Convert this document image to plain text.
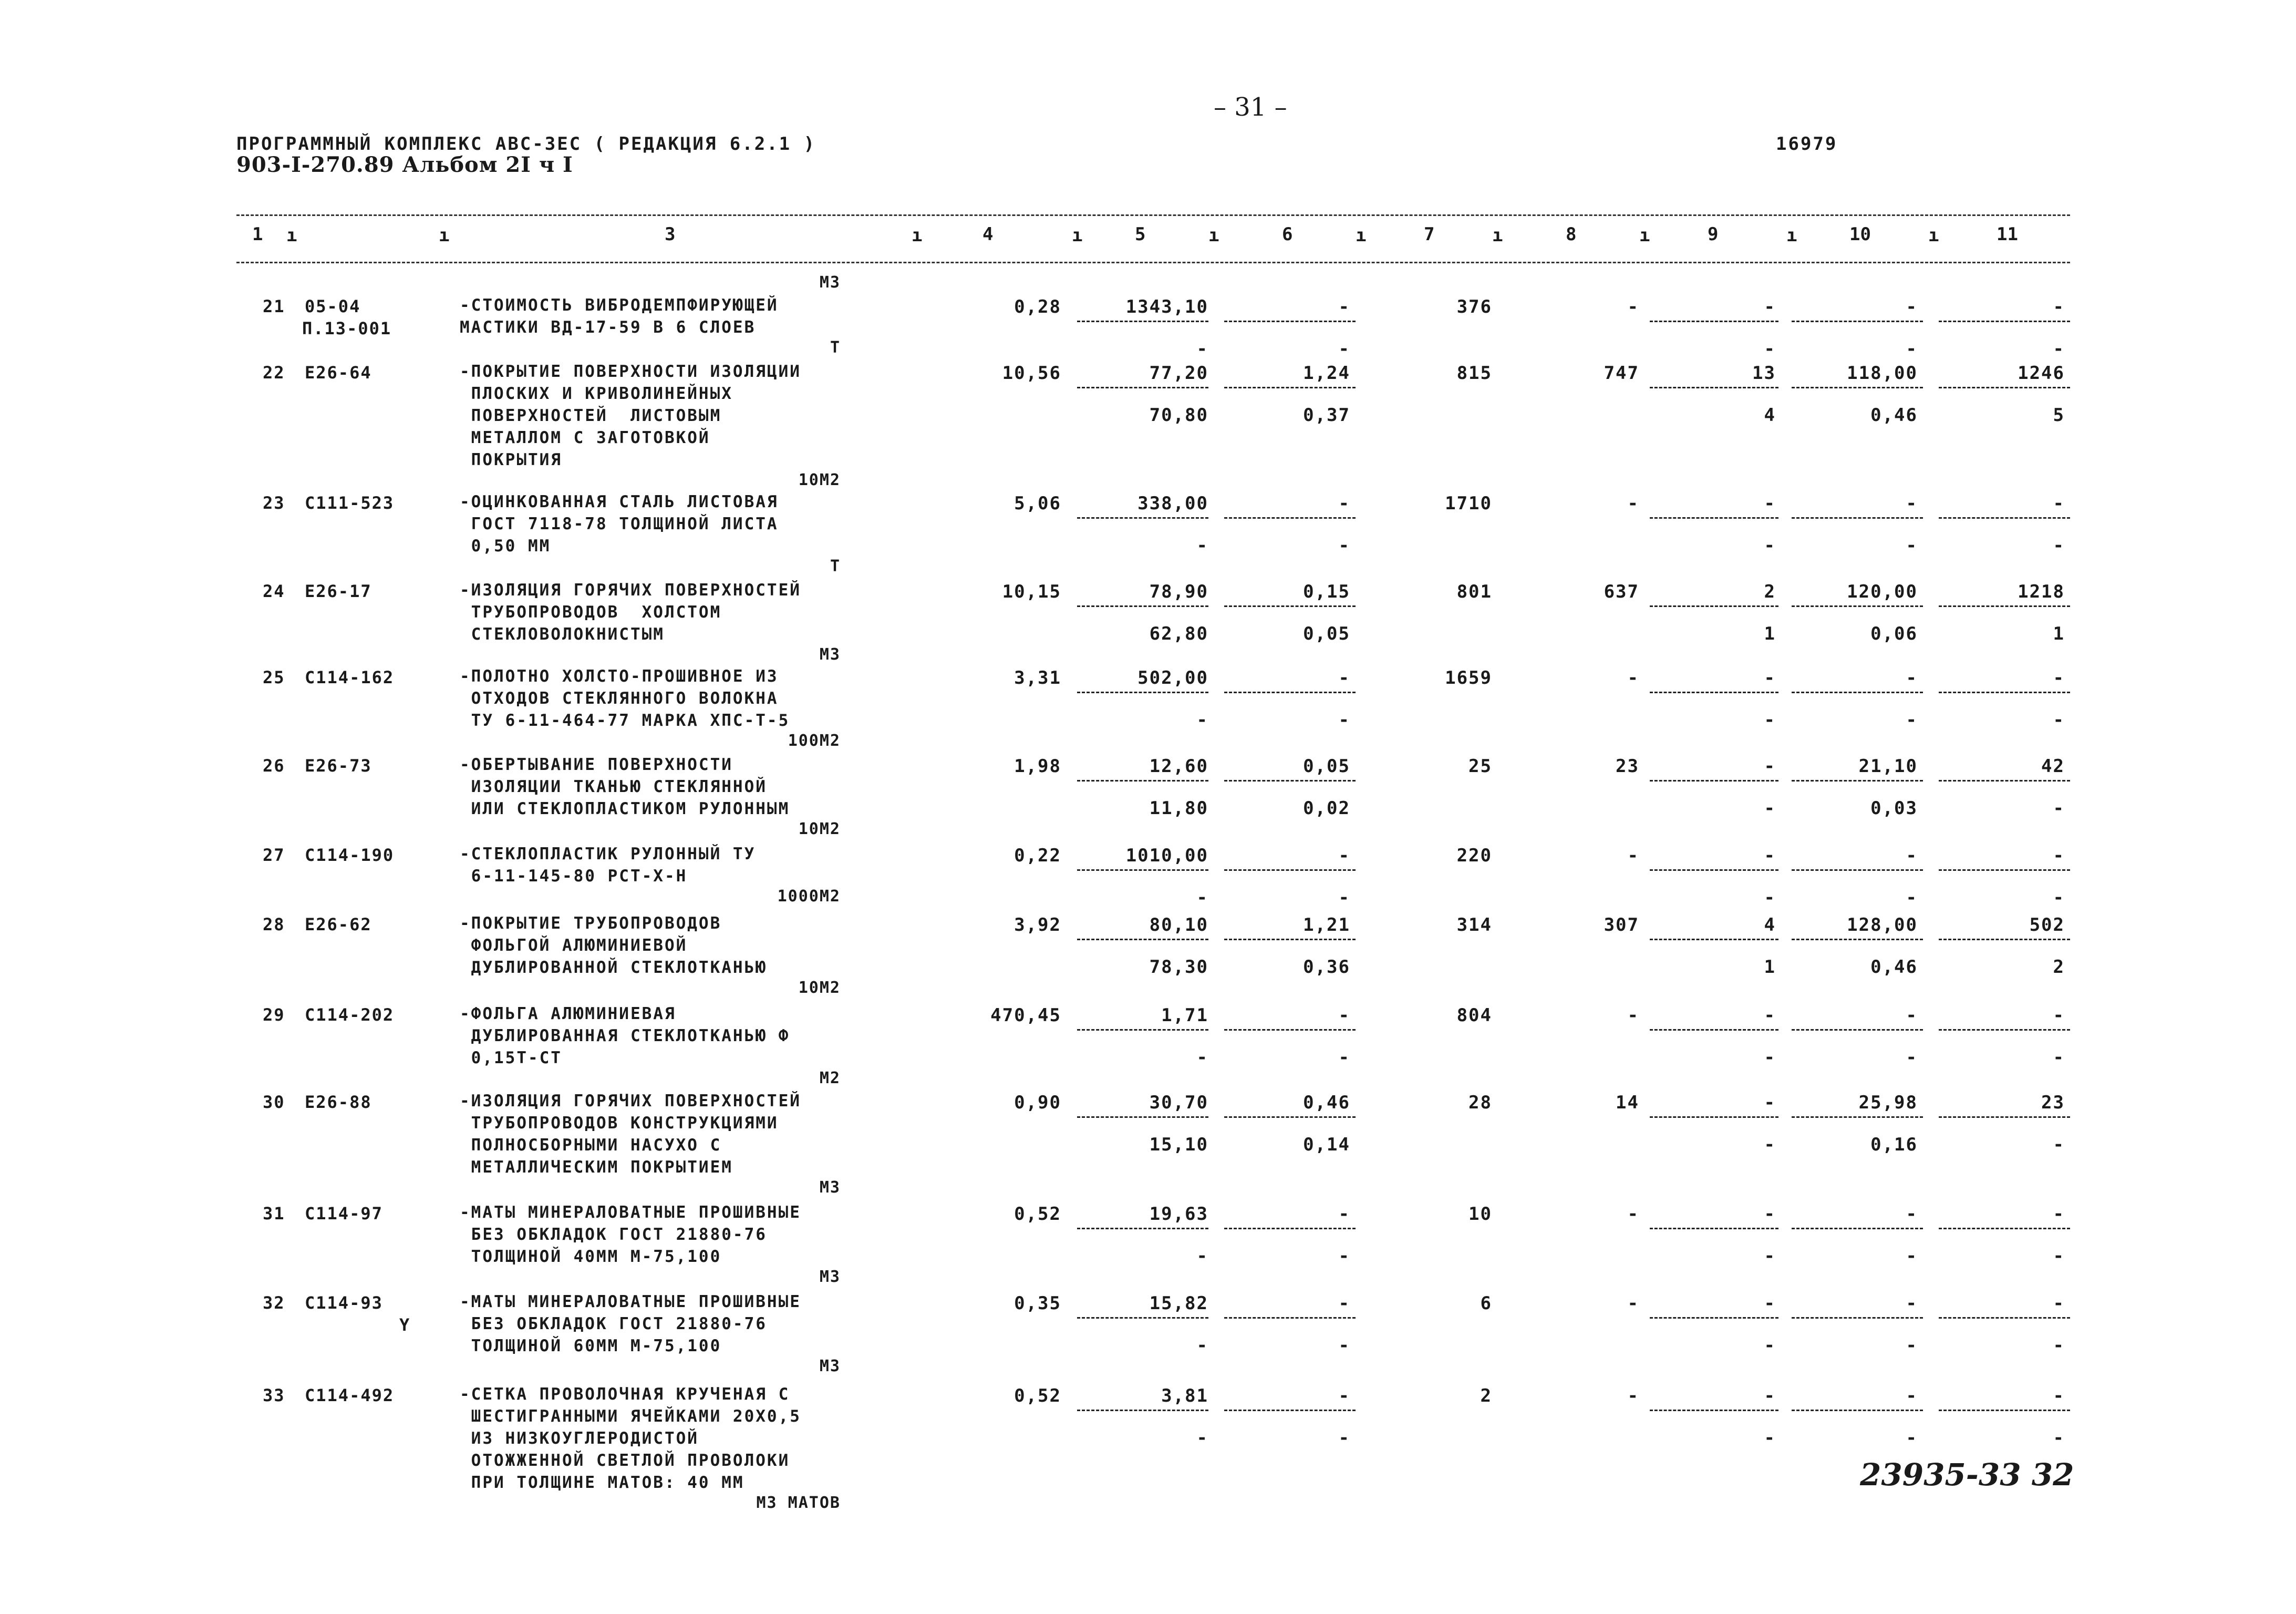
– 31 –
ПРОГРАММНЫЙ КОМПЛЕКС АВС-ЗЕС ( РЕДАКЦИЯ 6.2.1 )	16979
903-I-270.89 Альбом 2I ч I
1 ı	ı	3	ı	4	ı	5	ı	6	ı	7	ı	8	ı	9	ı	10	ı	11
М3
21 05-04
П.13-001
-СТОИМОСТЬ ВИБРОДЕМПФИРУЮЩЕЙ
МАСТИКИ ВД-17-59 В 6 СЛОЕВ
Т
0,28	1343,10	-	376	-	-	-	-
-	-	-	-	-
22 Е26-64	-ПОКРЫТИЕ ПОВЕРХНОСТИ ИЗОЛЯЦИИ
ПЛОСКИХ И КРИВОЛИНЕЙНЫХ
ПОВЕРХНОСТЕЙ  ЛИСТОВЫМ
МЕТАЛЛОМ С ЗАГОТОВКОЙ
ПОКРЫТИЯ
10М2
10,56	77,20	1,24	815	747	13	118,00	1246
70,80	0,37	4	0,46	5
23 С111-523	-ОЦИНКОВАННАЯ СТАЛЬ ЛИСТОВАЯ
ГОСТ 7118-78 ТОЛЩИНОЙ ЛИСТА
0,50 ММ
Т
5,06	338,00	-	1710	-	-	-	-
-	-	-	-	-
24 Е26-17	-ИЗОЛЯЦИЯ ГОРЯЧИХ ПОВЕРХНОСТЕЙ
ТРУБОПРОВОДОВ  ХОЛСТОМ
СТЕКЛОВОЛОКНИСТЫМ
М3
10,15	78,90	0,15	801	637	2	120,00	1218
62,80	0,05	1	0,06	1
25 С114-162	-ПОЛОТНО ХОЛСТО-ПРОШИВНОЕ ИЗ
ОТХОДОВ СТЕКЛЯННОГО ВОЛОКНА
ТУ 6-11-464-77 МАРКА ХПС-Т-5
100М2
3,31	502,00	-	1659	-	-	-	-
-	-	-	-	-
26 Е26-73	-ОБЕРТЫВАНИЕ ПОВЕРХНОСТИ
ИЗОЛЯЦИИ ТКАНЬЮ СТЕКЛЯННОЙ
ИЛИ СТЕКЛОПЛАСТИКОМ РУЛОННЫМ
10М2
1,98	12,60	0,05	25	23	-	21,10	42
11,80	0,02	-	0,03	-
27 С114-190	-СТЕКЛОПЛАСТИК РУЛОННЫЙ ТУ
6-11-145-80 РСТ-Х-Н
1000М2
0,22	1010,00	-	220	-	-	-	-
-	-	-	-	-
28 Е26-62	-ПОКРЫТИЕ ТРУБОПРОВОДОВ
ФОЛЬГОЙ АЛЮМИНИЕВОЙ
ДУБЛИРОВАННОЙ СТЕКЛОТКАНЬЮ
10М2
3,92	80,10	1,21	314	307	4	128,00	502
78,30	0,36	1	0,46	2
29 С114-202	-ФОЛЬГА АЛЮМИНИЕВАЯ
ДУБЛИРОВАННАЯ СТЕКЛОТКАНЬЮ Ф
0,15Т-СТ
М2
470,45	1,71	-	804	-	-	-	-
-	-	-	-	-
30 Е26-88	-ИЗОЛЯЦИЯ ГОРЯЧИХ ПОВЕРХНОСТЕЙ
ТРУБОПРОВОДОВ КОНСТРУКЦИЯМИ
ПОЛНОСБОРНЫМИ НАСУХО С
МЕТАЛЛИЧЕСКИМ ПОКРЫТИЕМ
М3
0,90	30,70	0,46	28	14	-	25,98	23
15,10	0,14	-	0,16	-
31 С114-97	-МАТЫ МИНЕРАЛОВАТНЫЕ ПРОШИВНЫЕ
БЕЗ ОБКЛАДОК ГОСТ 21880-76
ТОЛЩИНОЙ 40ММ М-75,100
М3
0,52	19,63	-	10	-	-	-	-
-	-	-	-	-
32 С114-93
Y
-МАТЫ МИНЕРАЛОВАТНЫЕ ПРОШИВНЫЕ
БЕЗ ОБКЛАДОК ГОСТ 21880-76
ТОЛЩИНОЙ 60ММ М-75,100
М3
0,35	15,82	-	6	-	-	-	-
-	-	-	-	-
33 С114-492	-СЕТКА ПРОВОЛОЧНАЯ КРУЧЕНАЯ С
ШЕСТИГРАННЫМИ ЯЧЕЙКАМИ 20Х0,5
ИЗ НИЗКОУГЛЕРОДИСТОЙ
ОТОЖЖЕННОЙ СВЕТЛОЙ ПРОВОЛОКИ
ПРИ ТОЛЩИНЕ МАТОВ: 40 ММ
М3 МАТОВ
0,52	3,81	-	2	-	-	-	-
-	-	-	-	-
23935-33 32
